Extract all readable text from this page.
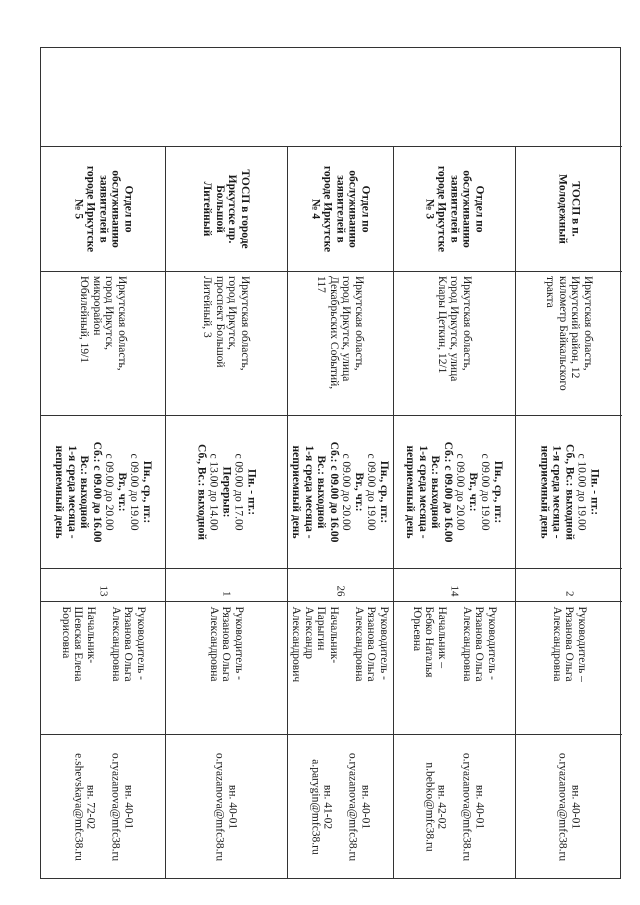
ТОСП в п.
Молодежный
Иркутская область,
Иркутский район, 12
километр Байкальского
тракта
Пн. - пт.:
с 10.00 до 19.00
Сб., Вс.: выходной
1-я среда месяца -
неприемный день
2
Руководитель –
Рязанова Ольга
Александровна
вн. 40-01
o.ryazanova@mfc38.ru
Отдел по
обслуживанию
заявителей в
городе Иркутске
№ 3
Иркутская область,
город Иркутск, улица
Клары Цеткин, 12/1
Пн., ср., пт.:
с 09.00 до 19.00
Вт., чт.:
с 09.00 до 20.00
Сб.: с 09.00 до 16.00
Вс.: выходной
1-я среда месяца -
неприемный день
14
Руководитель -
Рязанова Ольга
Александровна

Начальник –
Бебко Наталья
Юрьевна
вн. 40-01
o.ryazanova@mfc38.ru

вн. 42-02
n.bebko@mfc38.ru
Отдел по
обслуживанию
заявителей в
городе Иркутске
№ 4
Иркутская область,
город Иркутск, улица
Декабрьских Событий,
117
Пн., ср., пт.:
с 09.00 до 19.00
Вт., чт.:
с 09.00 до 20.00
Сб.: с 09.00 до 16.00
Вс.: выходной
1-я среда месяца -
неприемный день
26
Руководитель -
Рязанова Ольга
Александровна

Начальник-
Парыгин
Александр
Александрович
вн. 40-01
o.ryazanova@mfc38.ru

вн. 41-02
a.parygin@mfc38.ru
ТОСП в городе
Иркутске пр.
Большой
Литейный
Иркутская область,
город Иркутск,
проспект Большой
Литейный, 3
Пн. - пт.:
с 09.00 до 17.00
Перерыв:
с 13.00 до 14.00
Сб., Вс.: выходной
1
Руководитель -
Рязанова Ольга
Александровна
вн. 40-01
o.ryazanova@mfc38.ru
Отдел по
обслуживанию
заявителей в
городе Иркутске
№ 5
Иркутская область,
город Иркутск,
микрорайон
Юбилейный, 19/1
Пн., ср., пт.:
с 09.00 до 19.00
Вт., чт.:
с 09.00 до 20.00
Сб.: с 09.00 до 16.00
Вс.: выходной
1-я среда месяца -
неприемный день
13
Руководитель -
Рязанова Ольга
Александровна

Начальник-
Шевская Елена
Борисовна
вн. 40-01
o.ryazanova@mfc38.ru

вн. 72-02
e.shevskaya@mfc38.ru
